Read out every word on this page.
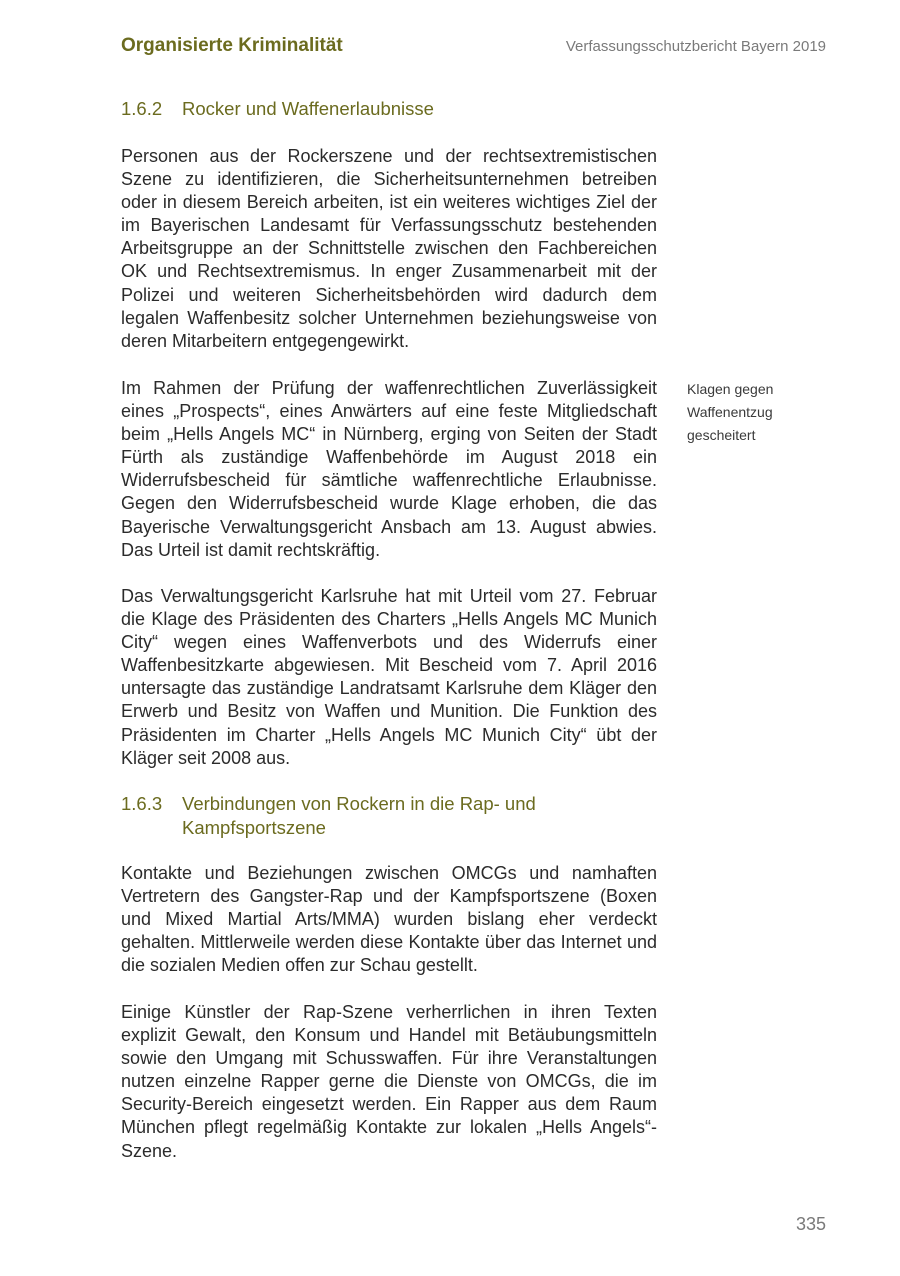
Organisierte Kriminalität	Verfassungsschutzbericht Bayern 2019
1.6.2 Rocker und Waffenerlaubnisse

Personen aus der Rockerszene und der rechtsextremistischen Szene zu identifizieren, die Sicherheitsunternehmen betreiben oder in diesem Bereich arbeiten, ist ein weiteres wichtiges Ziel der im Bayerischen Landesamt für Verfassungsschutz bestehenden Arbeitsgruppe an der Schnittstelle zwischen den Fachbereichen OK und Rechtsextremismus. In enger Zusammenarbeit mit der Polizei und weiteren Sicherheitsbehörden wird dadurch dem legalen Waffenbesitz solcher Unternehmen beziehungsweise von deren Mitarbeitern entgegengewirkt.

Im Rahmen der Prüfung der waffenrechtlichen Zuverlässigkeit eines „Prospects“, eines Anwärters auf eine feste Mitgliedschaft beim „Hells Angels MC“ in Nürnberg, erging von Seiten der Stadt Fürth als zuständige Waffenbehörde im August 2018 ein Widerrufsbescheid für sämtliche waffenrechtliche Erlaubnisse. Gegen den Widerrufsbescheid wurde Klage erhoben, die das Bayerische Verwaltungsgericht Ansbach am 13. August abwies. Das Urteil ist damit rechtskräftig.

Klagen gegen
Waffenentzug
gescheitert

Das Verwaltungsgericht Karlsruhe hat mit Urteil vom 27. Februar die Klage des Präsidenten des Charters „Hells Angels MC Munich City“ wegen eines Waffenverbots und des Widerrufs einer Waffenbesitzkarte abgewiesen. Mit Bescheid vom 7. April 2016 untersagte das zuständige Landratsamt Karlsruhe dem Kläger den Erwerb und Besitz von Waffen und Munition. Die Funktion des Präsidenten im Charter „Hells Angels MC Munich City“ übt der Kläger seit 2008 aus.

1.6.3 Verbindungen von Rockern in die Rap- und
Kampfsportszene

Kontakte und Beziehungen zwischen OMCGs und namhaften Vertretern des Gangster-Rap und der Kampfsportszene (Boxen und Mixed Martial Arts/MMA) wurden bislang eher verdeckt gehalten. Mittlerweile werden diese Kontakte über das Internet und die sozialen Medien offen zur Schau gestellt.

Einige Künstler der Rap-Szene verherrlichen in ihren Texten explizit Gewalt, den Konsum und Handel mit Betäubungsmitteln sowie den Umgang mit Schusswaffen. Für ihre Veranstaltungen nutzen einzelne Rapper gerne die Dienste von OMCGs, die im Security-Bereich eingesetzt werden. Ein Rapper aus dem Raum München pflegt regelmäßig Kontakte zur lokalen „Hells Angels“-Szene.

335
